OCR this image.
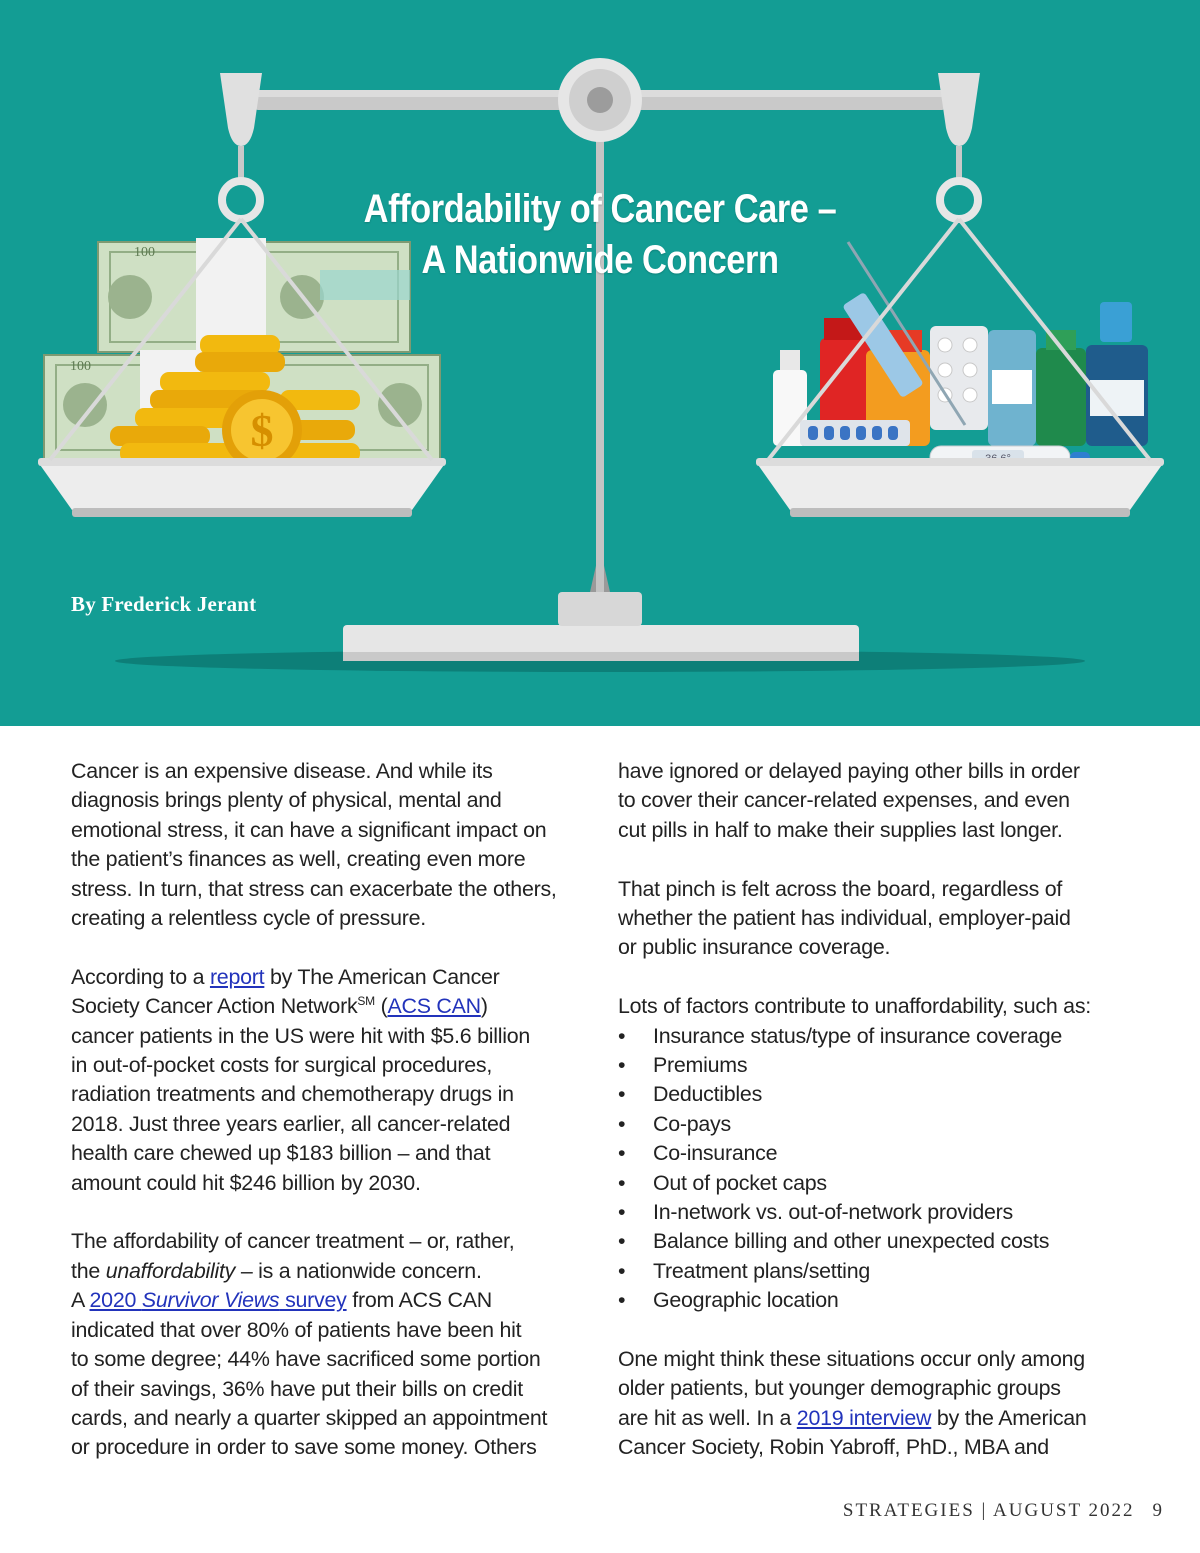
$
100
100
Affordability of Cancer Care –
A Nationwide Concern

By Frederick Jerant

Cancer is an expensive disease. And while its
diagnosis brings plenty of physical, mental and
emotional stress, it can have a significant impact on
the patient’s finances as well, creating even more
stress. In turn, that stress can exacerbate the others,
creating a relentless cycle of pressure.

According to a report by The American Cancer
Society Cancer Action Network℠ (ACS CAN)
cancer patients in the US were hit with $5.6 billion
in out-of-pocket costs for surgical procedures,
radiation treatments and chemotherapy drugs in
2018. Just three years earlier, all cancer-related
health care chewed up $183 billion – and that
amount could hit $246 billion by 2030.

The affordability of cancer treatment – or, rather,
the unaffordability – is a nationwide concern.
A 2020 Survivor Views survey from ACS CAN
indicated that over 80% of patients have been hit
to some degree; 44% have sacrificed some portion
of their savings, 36% have put their bills on credit
cards, and nearly a quarter skipped an appointment
or procedure in order to save some money. Others

have ignored or delayed paying other bills in order
to cover their cancer-related expenses, and even
cut pills in half to make their supplies last longer.

That pinch is felt across the board, regardless of
whether the patient has individual, employer-paid
or public insurance coverage.

Lots of factors contribute to unaffordability, such as:

• Insurance status/type of insurance coverage
• Premiums
• Deductibles
• Co-pays
• Co-insurance
• Out of pocket caps
• In-network vs. out-of-network providers
• Balance billing and other unexpected costs
• Treatment plans/setting
• Geographic location

One might think these situations occur only among
older patients, but younger demographic groups
are hit as well. In a 2019 interview by the American
Cancer Society, Robin Yabroff, PhD., MBA and

STRATEGIES | AUGUST 2022 9
